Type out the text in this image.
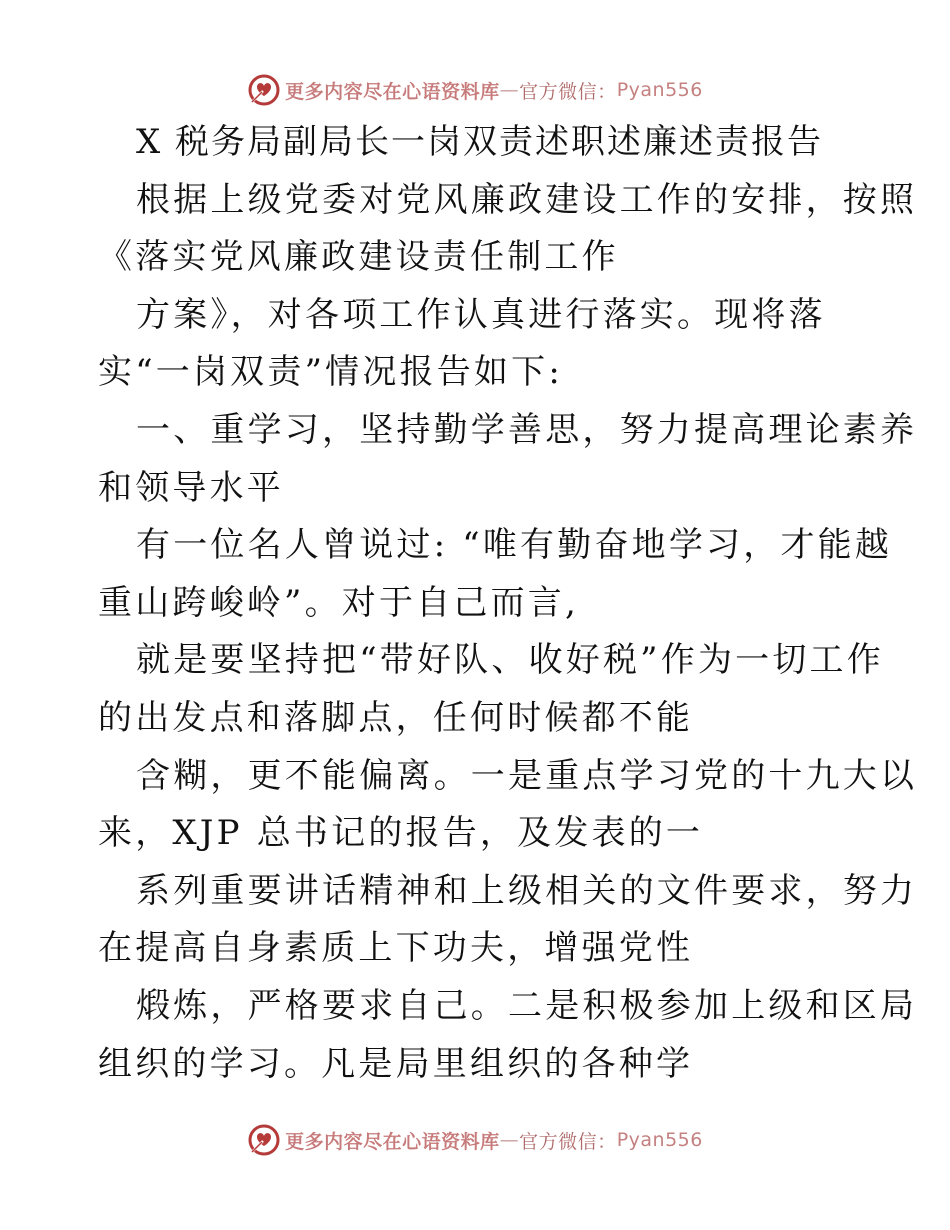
更多内容尽在心语资料库 — 官方微信： Pyan556
X 税务局副局长一岗双责述职述廉述责报告
根据上级党委对党风廉政建设工作的安排，按照
《落实党风廉政建设责任制工作
方案》，对各项工作认真进行落实。现将落
实“一岗双责”情况报告如下:
一、重学习，坚持勤学善思，努力提高理论素养
和领导水平
有一位名人曾说过: “唯有勤奋地学习，才能越
重山跨峻岭”。对于自己而言,
就是要坚持把“带好队、收好税”作为一切工作
的出发点和落脚点，任何时候都不能
含糊，更不能偏离。一是重点学习党的十九大以
来，XJP 总书记的报告，及发表的一
系列重要讲话精神和上级相关的文件要求，努力
在提高自身素质上下功夫，增强党性
煅炼，严格要求自己。二是积极参加上级和区局
组织的学习。凡是局里组织的各种学
更多内容尽在心语资料库 — 官方微信： Pyan556
